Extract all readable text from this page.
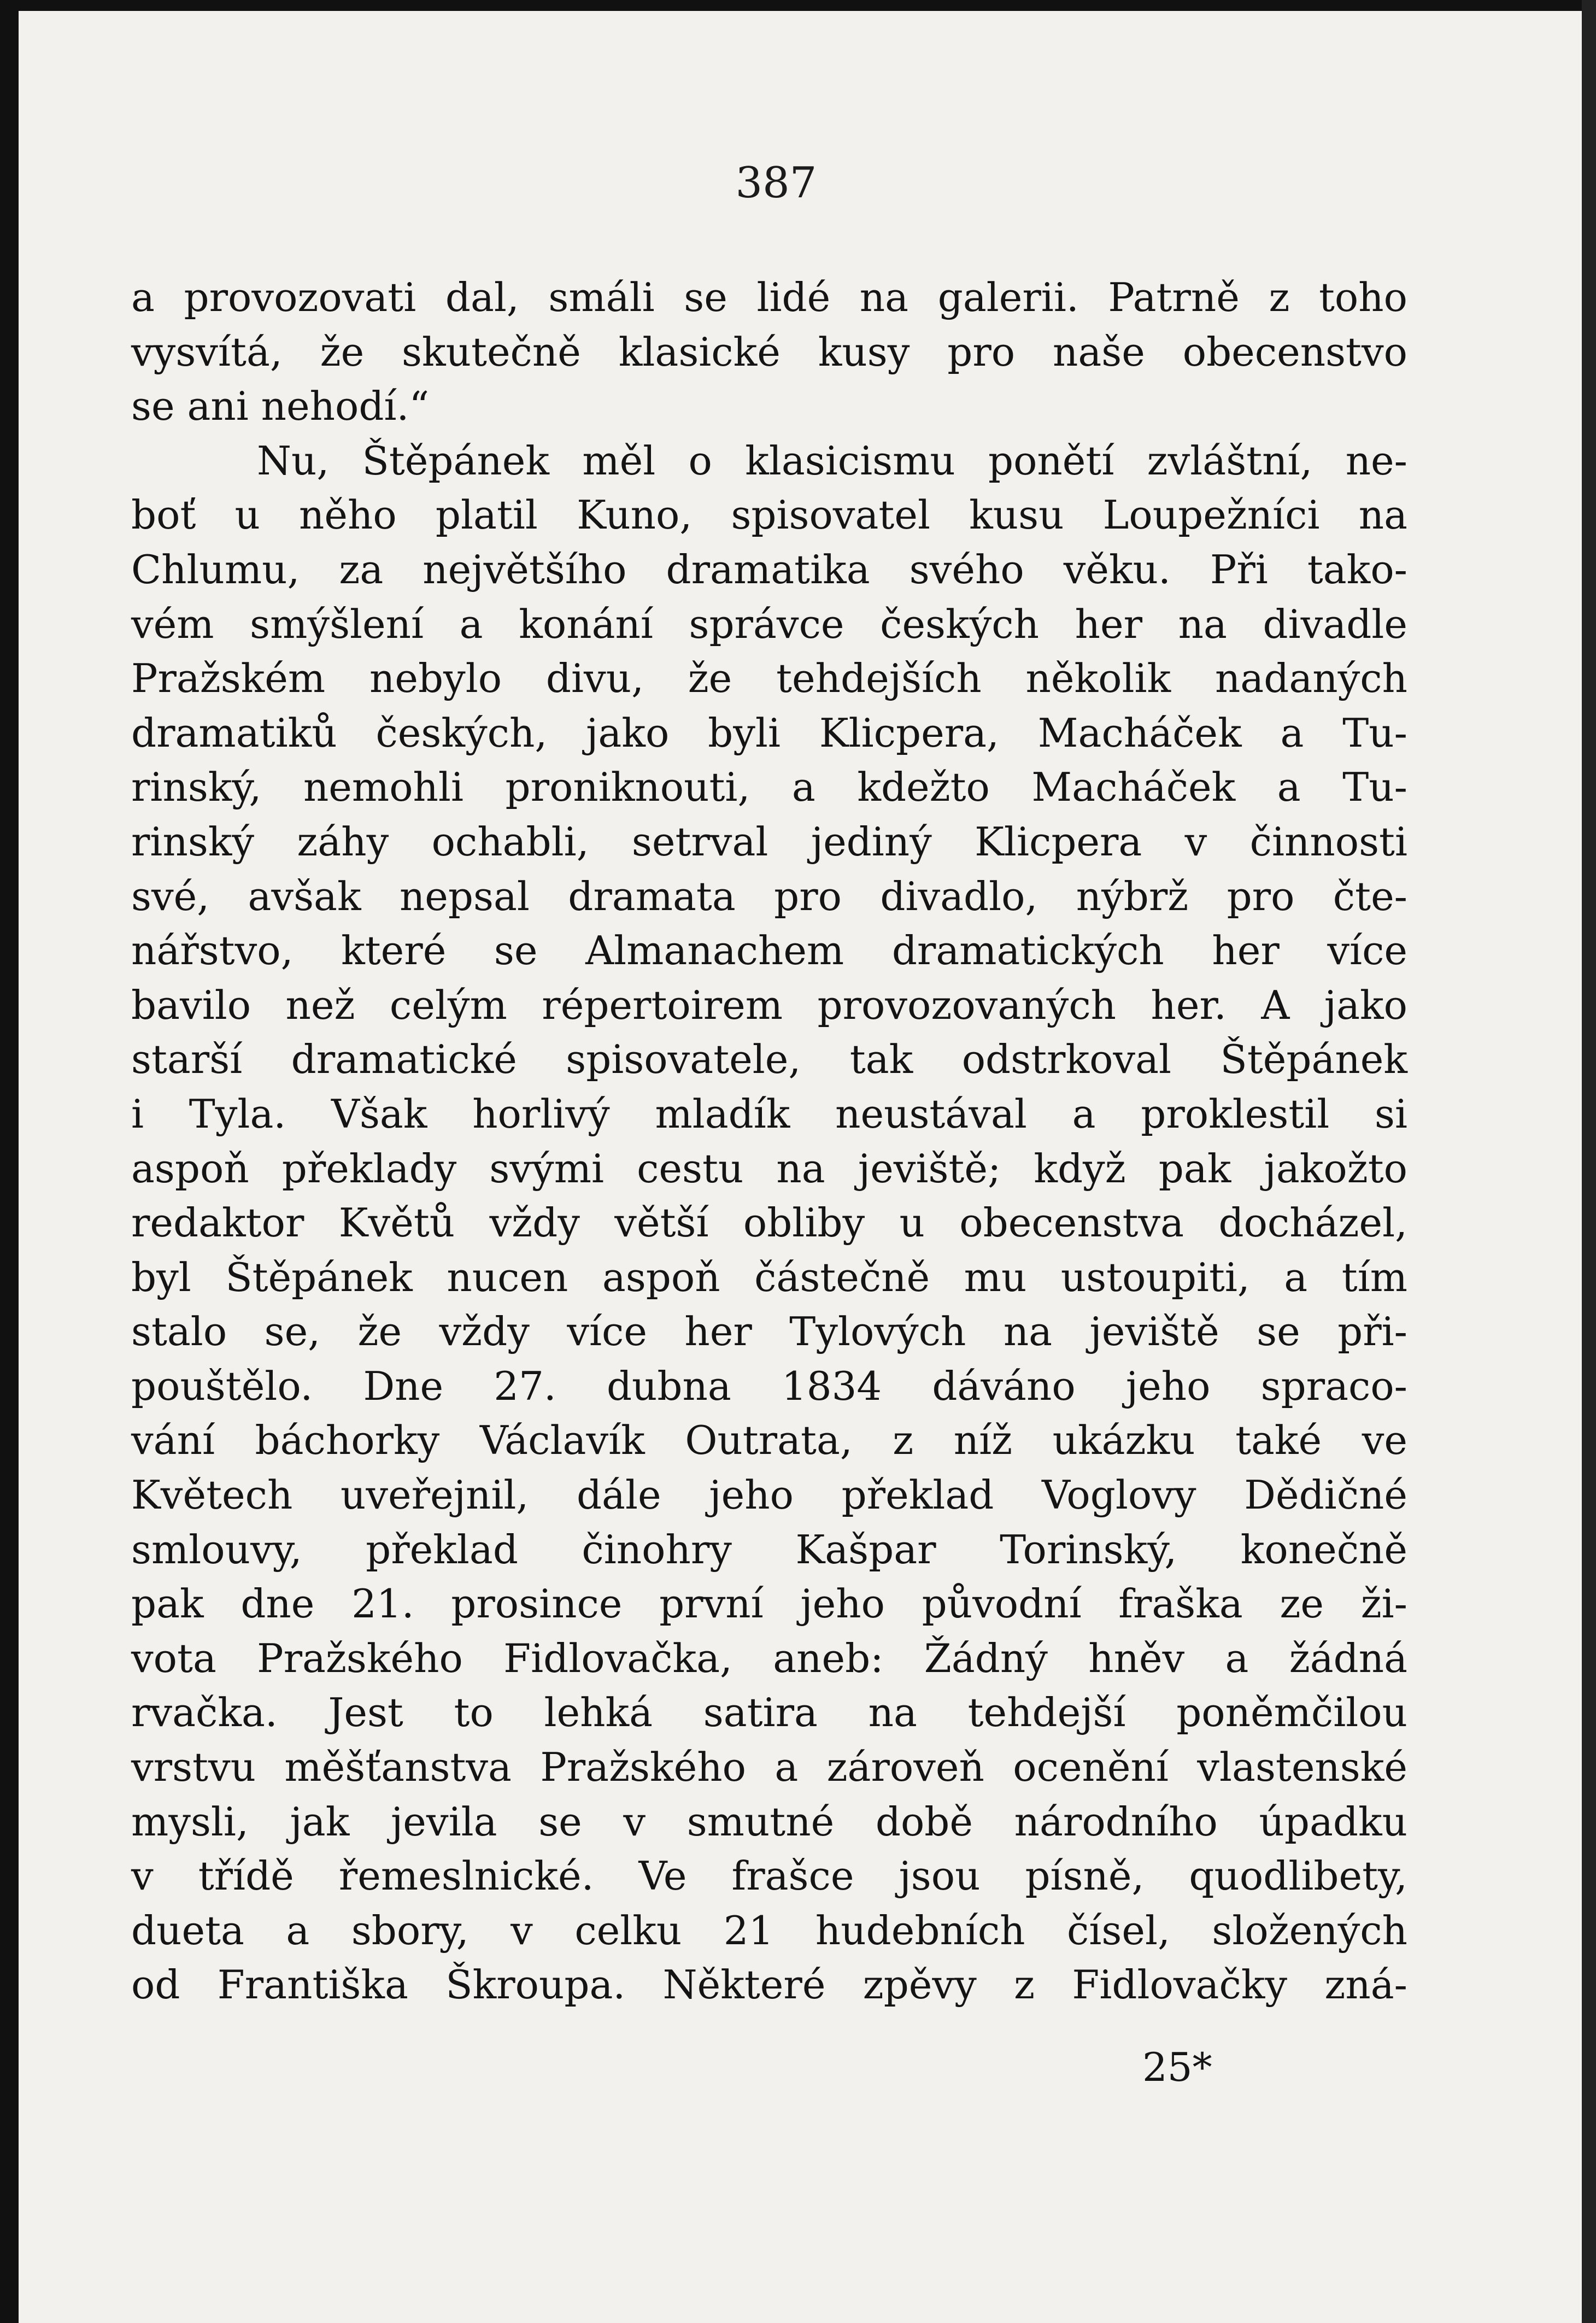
387
a provozovati dal, smáli se lidé na galerii. Patrně z toho
vysvítá, že skutečně klasické kusy pro naše obecenstvo
se ani nehodí.“
Nu, Štěpánek měl o klasicismu ponětí zvláštní, ne-
boť u něho platil Kuno, spisovatel kusu Loupežníci na
Chlumu, za největšího dramatika svého věku. Při tako-
vém smýšlení a konání správce českých her na divadle
Pražském nebylo divu, že tehdejších několik nadaných
dramatiků českých, jako byli Klicpera, Macháček a Tu-
rinský, nemohli proniknouti, a kdežto Macháček a Tu-
rinský záhy ochabli, setrval jediný Klicpera v činnosti
své, avšak nepsal dramata pro divadlo, nýbrž pro čte-
nářstvo, které se Almanachem dramatických her více
bavilo než celým répertoirem provozovaných her. A jako
starší dramatické spisovatele, tak odstrkoval Štěpánek
i Tyla. Však horlivý mladík neustával a proklestil si
aspoň překlady svými cestu na jeviště; když pak jakožto
redaktor Květů vždy větší obliby u obecenstva docházel,
byl Štěpánek nucen aspoň částečně mu ustoupiti, a tím
stalo se, že vždy více her Tylových na jeviště se při-
pouštělo. Dne 27. dubna 1834 dáváno jeho spraco-
vání báchorky Václavík Outrata, z níž ukázku také ve
Květech uveřejnil, dále jeho překlad Voglovy Dědičné
smlouvy, překlad činohry Kašpar Torinský, konečně
pak dne 21. prosince první jeho původní fraška ze ži-
vota Pražského Fidlovačka, aneb: Žádný hněv a žádná
rvačka. Jest to lehká satira na tehdejší poněmčilou
vrstvu měšťanstva Pražského a zároveň ocenění vlastenské
mysli, jak jevila se v smutné době národního úpadku
v třídě řemeslnické. Ve frašce jsou písně, quodlibety,
dueta a sbory, v celku 21 hudebních čísel, složených
od Františka Škroupa. Některé zpěvy z Fidlovačky zná-
25*
